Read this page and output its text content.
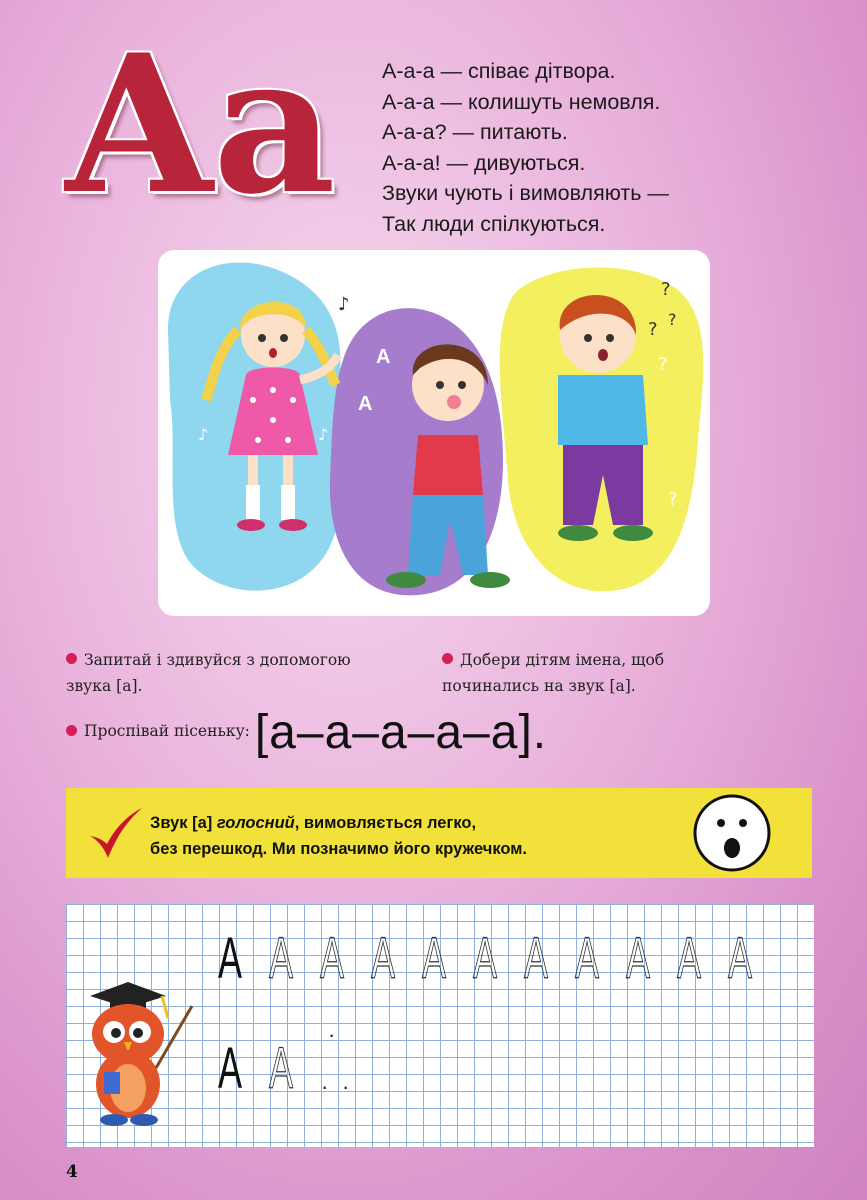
Аа А-а-а — співає дітвора.
А-а-а — колишуть немовля.
А-а-а? — питають.
А-а-а! — дивуються.
Звуки чують і вимовляють —
Так люди спілкуються.
♪
♪	♪
А
А
?
? ?
?
?
Запитай і здивуйся з допомогою
звука [а].
Добери дітям імена, щоб
починались на звук [а].
Проспівай пісеньку: [а–а–а–а–а].
Звук [а] голосний, вимовляється легко,
без перешкод. Ми позначимо його кружечком.
А А А А А А А А А А А
А А
·
· ·
4
